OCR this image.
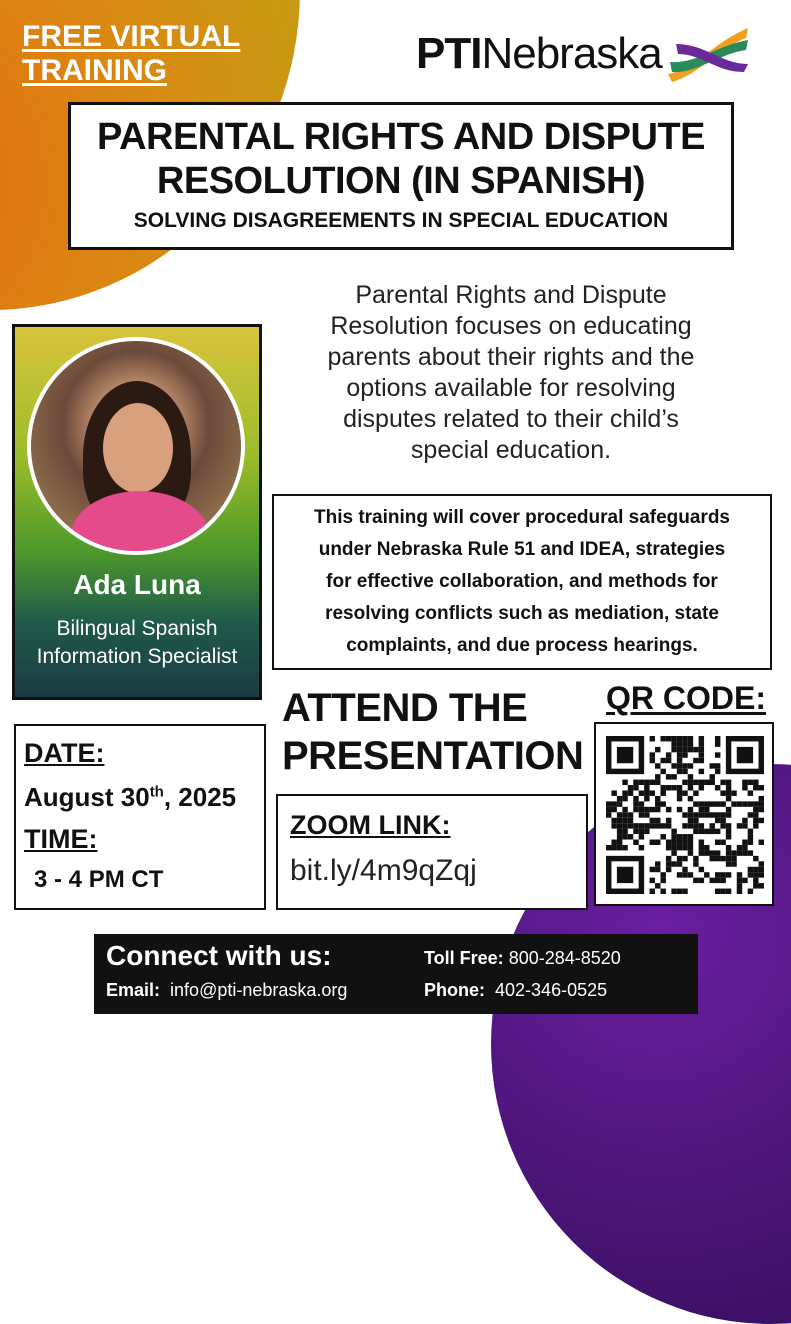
FREE VIRTUAL
TRAINING	PTINebraska
PARENTAL RIGHTS AND DISPUTE
RESOLUTION (IN SPANISH)
SOLVING DISAGREEMENTS IN SPECIAL EDUCATION
Parental Rights and Dispute
Resolution focuses on educating
parents about their rights and the
options available for resolving
disputes related to their child’s
special education.
Ada Luna
Bilingual Spanish
Information Specialist
This training will cover procedural safeguards
under Nebraska Rule 51 and IDEA, strategies
for effective collaboration, and methods for
resolving conflicts such as mediation, state
complaints, and due process hearings.
ATTEND THE
PRESENTATION
QR CODE:
DATE:
August 30th, 2025
TIME:
3 - 4 PM CT
ZOOM LINK:
bit.ly/4m9qZqj
Connect with us:
Email: info@pti-nebraska.org
Toll Free: 800-284-8520
Phone: 402-346-0525
